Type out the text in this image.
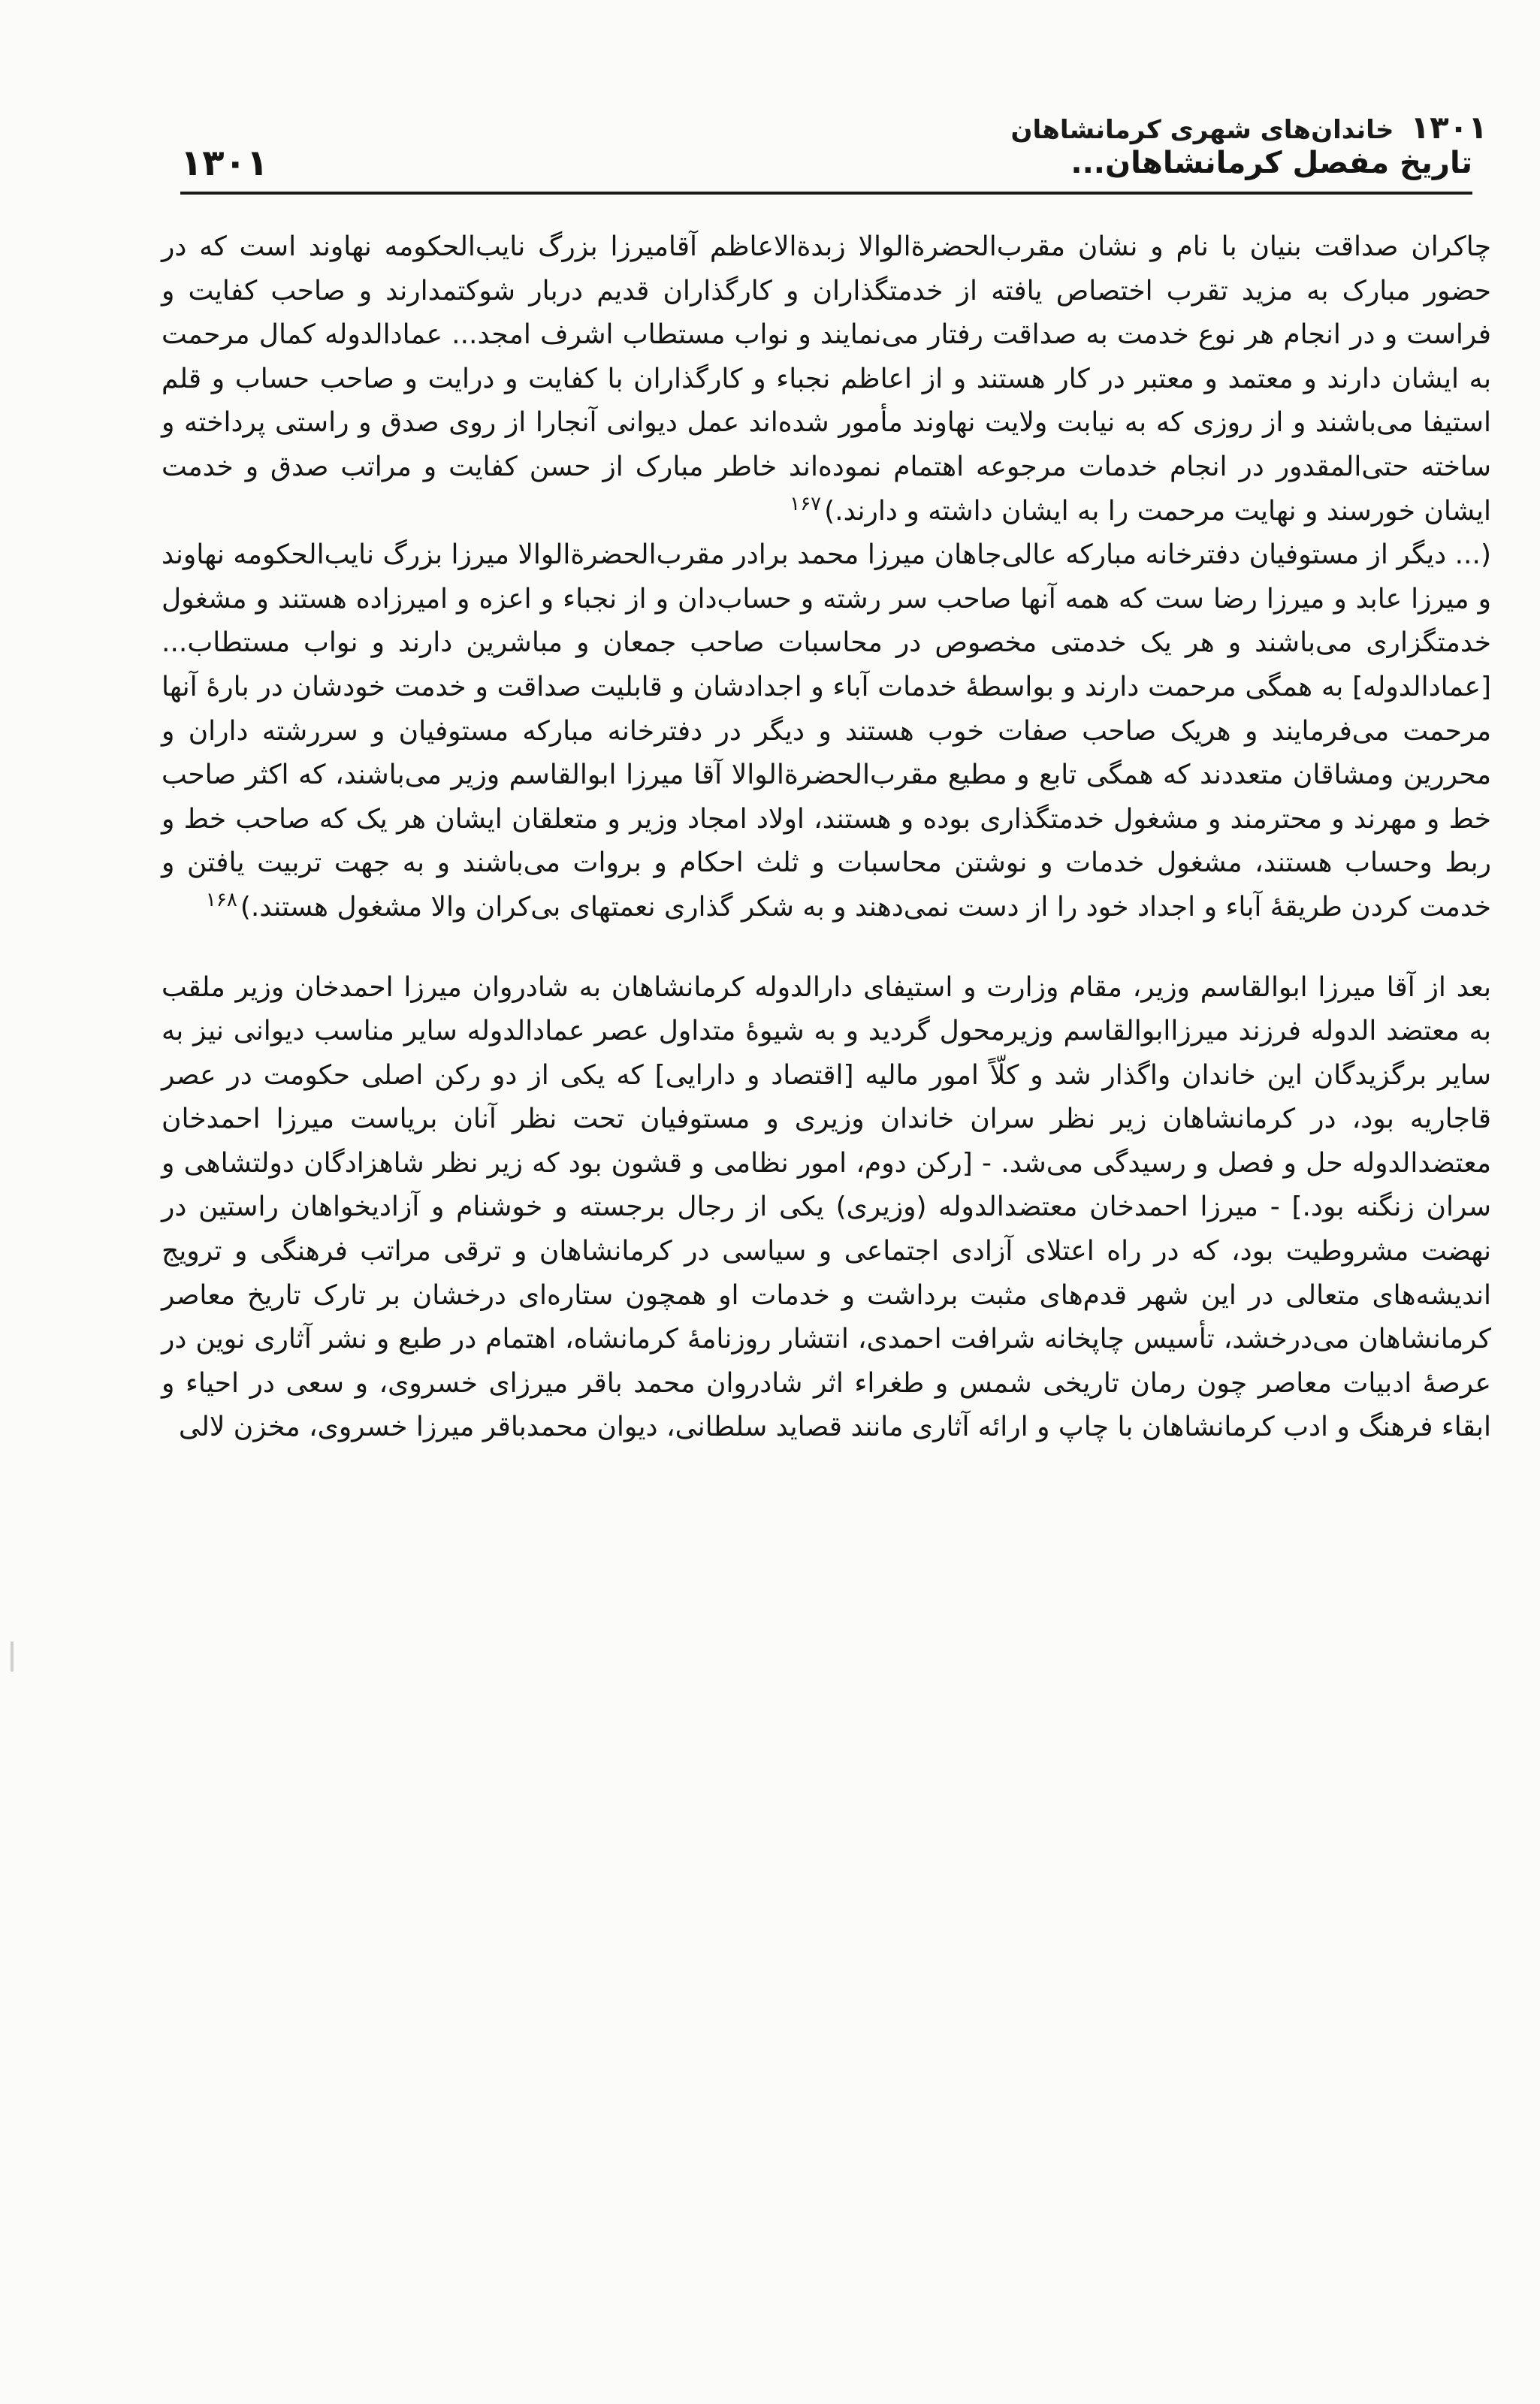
۱۳۰۱خاندان‌های شهری کرمانشاهان
تاریخ مفصل کرمانشاهان...
۱۳۰۱

چاکران صداقت بنیان با نام و نشان مقرب‌الحضرة‌الوالا زبدة‌الاعاظم آقامیرزا بزرگ نایب‌الحکومه نهاوند است که در حضور مبارک به مزید تقرب اختصاص یافته از خدمتگذاران و کارگذاران قدیم دربار شوکتمدارند و صاحب کفایت و فراست و در انجام هر نوع خدمت به صداقت رفتار می‌نمایند و نواب مستطاب اشرف امجد... عمادالدوله کمال مرحمت به ایشان دارند و معتمد و معتبر در کار هستند و از اعاظم نجباء و کارگذاران با کفایت و درایت و صاحب حساب و قلم استیفا می‌باشند و از روزی که به نیابت ولایت نهاوند مأمور شده‌اند عمل دیوانی آنجارا از روی صدق و راستی پرداخته و ساخته حتی‌المقدور در انجام خدمات مرجوعه اهتمام نموده‌اند خاطر مبارک از حسن کفایت و مراتب صدق و خدمت ایشان خورسند و نهایت مرحمت را به ایشان داشته و دارند.)$^{۱۶۷}$

(... دیگر از مستوفیان دفترخانه مبارکه عالی‌جاهان میرزا محمد برادر مقرب‌الحضرة‌الوالا میرزا بزرگ نایب‌الحکومه نهاوند و میرزا عابد و میرزا رضا ست که همه آنها صاحب سر رشته و حساب‌دان و از نجباء و اعزه و امیرزاده هستند و مشغول خدمتگزاری می‌باشند و هر یک خدمتی مخصوص در محاسبات صاحب جمعان و مباشرین دارند و نواب مستطاب...[عمادالدوله] به همگی مرحمت دارند و بواسطهٔ خدمات آباء و اجدادشان و قابلیت صداقت و خدمت خودشان در بارهٔ آنها مرحمت می‌فرمایند و هریک صاحب صفات خوب هستند و دیگر در دفترخانه مبارکه مستوفیان و سررشته داران و محررین ومشاقان متعددند که همگی تابع و مطیع مقرب‌الحضرة‌الوالا آقا میرزا ابوالقاسم وزیر می‌باشند، که اکثر صاحب خط و مهرند و محترمند و مشغول خدمتگذاری بوده و هستند، اولاد امجاد وزیر و متعلقان ایشان هر یک که صاحب خط و ربط وحساب هستند، مشغول خدمات و نوشتن محاسبات و ثلث احکام و بروات می‌باشند و به جهت تربیت یافتن و خدمت کردن طریقهٔ آباء و اجداد خود را از دست نمی‌دهند و به شکر گذاری نعمتهای بی‌کران والا مشغول هستند.)$^{۱۶۸}$

بعد از آقا میرزا ابوالقاسم وزیر، مقام وزارت و استیفای دارالدوله کرمانشاهان به شادروان میرزا احمدخان وزیر ملقب به معتضد الدوله فرزند میرزاابوالقاسم وزیرمحول گردید و به شیوهٔ متداول عصر عمادالدوله سایر مناسب دیوانی نیز به سایر برگزیدگان این خاندان واگذار شد و کلّاً امور مالیه [اقتصاد و دارایی] که یکی از دو رکن اصلی حکومت در عصر قاجاریه بود، در کرمانشاهان زیر نظر سران خاندان وزیری و مستوفیان تحت نظر آنان بریاست میرزا احمدخان معتضدالدوله حل و فصل و رسیدگی می‌شد. - [رکن دوم، امور نظامی و قشون بود که زیر نظر شاهزادگان دولتشاهی و سران زنگنه بود.] - میرزا احمدخان معتضدالدوله (وزیری) یکی از رجال برجسته و خوشنام و آزادیخواهان راستین در نهضت مشروطیت بود، که در راه اعتلای آزادی اجتماعی و سیاسی در کرمانشاهان و ترقی مراتب فرهنگی و ترویج اندیشه‌های متعالی در این شهر قدم‌های مثبت برداشت و خدمات او همچون ستاره‌ای درخشان بر تارک تاریخ معاصر کرمانشاهان می‌درخشد، تأسیس چاپخانه شرافت احمدی، انتشار روزنامهٔ کرمانشاه، اهتمام در طبع و نشر آثاری نوین در عرصهٔ ادبیات معاصر چون رمان تاریخی شمس و طغراء اثر شادروان محمد باقر میرزای خسروی، و سعی در احیاء و ابقاء فرهنگ و ادب کرمانشاهان با چاپ و ارائه آثاری مانند قصاید سلطانی، دیوان محمدباقر میرزا خسروی، مخزن لالی
